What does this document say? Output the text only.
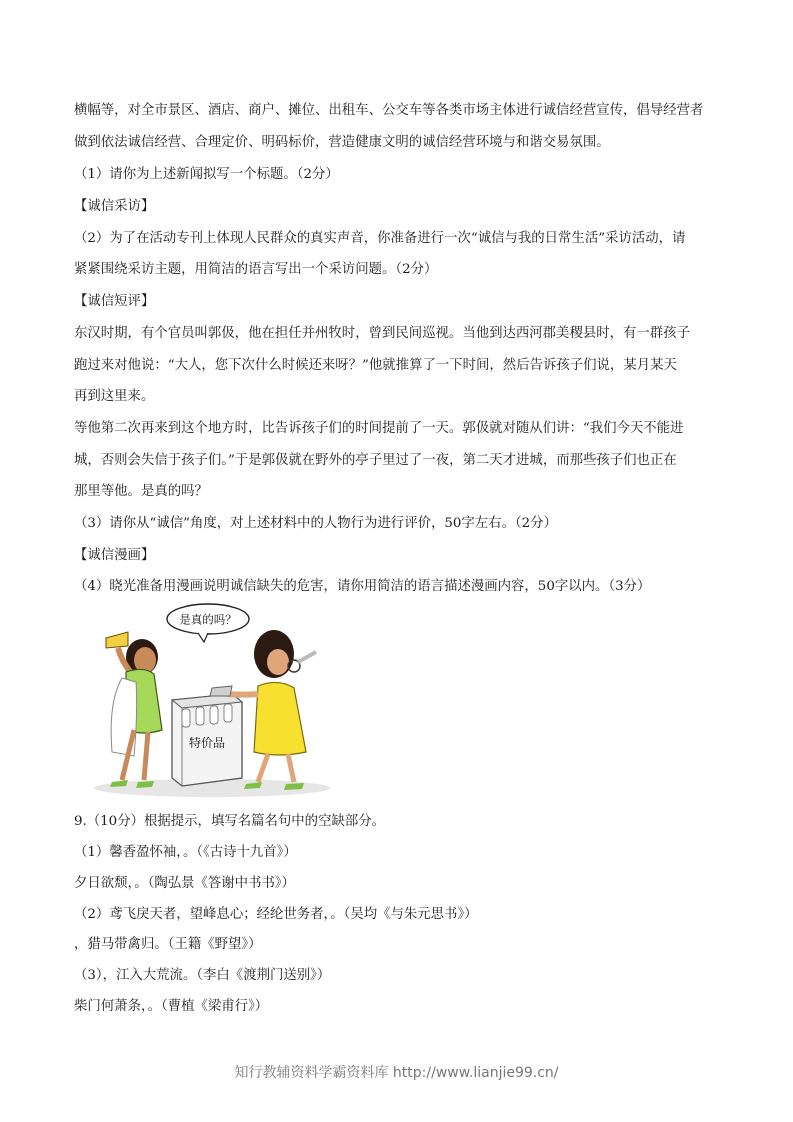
横幅等，对全市景区、酒店、商户、摊位、出租车、公交车等各类市场主体进行诚信经营宣传，倡导经营者
做到依法诚信经营、合理定价、明码标价，营造健康文明的诚信经营环境与和谐交易氛围。
（1）请你为上述新闻拟写一个标题。（2分）
【诚信采访】
（2）为了在活动专刊上体现人民群众的真实声音，你准备进行一次“诚信与我的日常生活”采访活动，请
紧紧围绕采访主题，用简洁的语言写出一个采访问题。（2分）
【诚信短评】
东汉时期，有个官员叫郭伋，他在担任并州牧时，曾到民间巡视。当他到达西河郡美稷县时，有一群孩子
跑过来对他说：“大人，您下次什么时候还来呀？”他就推算了一下时间，然后告诉孩子们说，某月某天
再到这里来。
等他第二次再来到这个地方时，比告诉孩子们的时间提前了一天。郭伋就对随从们讲：“我们今天不能进
城，否则会失信于孩子们。”于是郭伋就在野外的亭子里过了一夜，第二天才进城，而那些孩子们也正在
那里等他。是真的吗？
（3）请你从“诚信”角度，对上述材料中的人物行为进行评价，50字左右。（2分）
【诚信漫画】
（4）晓光准备用漫画说明诚信缺失的危害，请你用简洁的语言描述漫画内容，50字以内。（3分）
是真的吗？
特价品
9.（10分）根据提示，填写名篇名句中的空缺部分。
（1）馨香盈怀袖，。（《古诗十九首》）
夕日欲颓，。（陶弘景《答谢中书书》）
（2）鸢飞戾天者，望峰息心；经纶世务者，。（吴均《与朱元思书》）
，猎马带禽归。（王籍《野望》）
（3），江入大荒流。（李白《渡荆门送别》）
柴门何萧条，。（曹植《梁甫行》）
知行教辅资料学霸资料库 http://www.lianjie99.cn/
